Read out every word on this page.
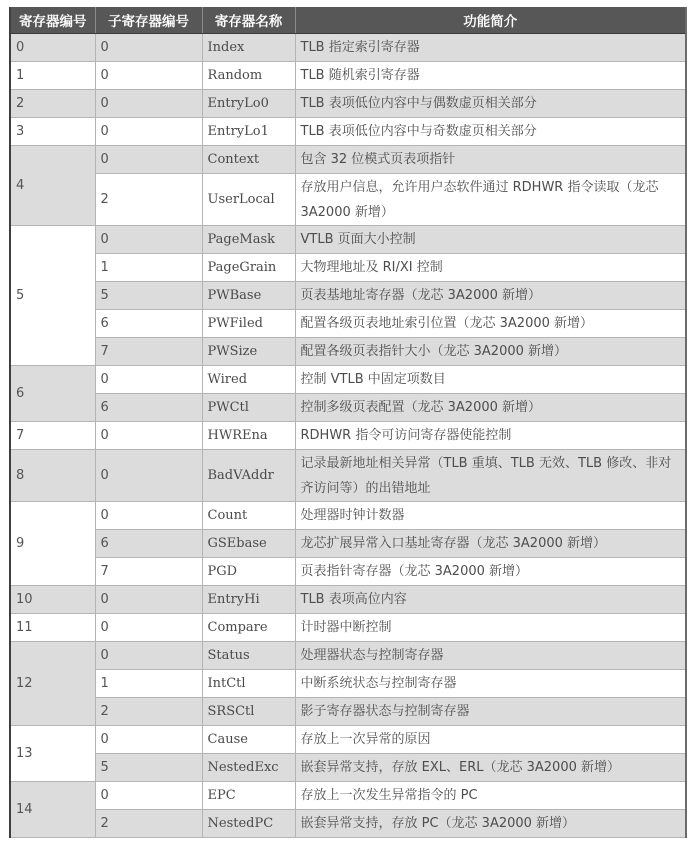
寄存器编号	子寄存器编号	寄存器名称	功能简介
0	0	Index	TLB 指定索引寄存器
1	0	Random	TLB 随机索引寄存器
2	0	EntryLo0	TLB 表项低位内容中与偶数虚页相关部分
3	0	EntryLo1	TLB 表项低位内容中与奇数虚页相关部分
4	0	Context	包含 32 位模式页表项指针
	2	UserLocal	存放用户信息，允许用户态软件通过 RDHWR 指令读取（龙芯 3A2000 新增）
5	0	PageMask	VTLB 页面大小控制
	1	PageGrain	大物理地址及 RI/XI 控制
	5	PWBase	页表基地址寄存器（龙芯 3A2000 新增）
	6	PWFiled	配置各级页表地址索引位置（龙芯 3A2000 新增）
	7	PWSize	配置各级页表指针大小（龙芯 3A2000 新增）
6	0	Wired	控制 VTLB 中固定项数目
	6	PWCtl	控制多级页表配置（龙芯 3A2000 新增）
7	0	HWREna	RDHWR 指令可访问寄存器使能控制
8	0	BadVAddr	记录最新地址相关异常（TLB 重填、TLB 无效、TLB 修改、非对齐访问等）的出错地址
9	0	Count	处理器时钟计数器
	6	GSEbase	龙芯扩展异常入口基址寄存器（龙芯 3A2000 新增）
	7	PGD	页表指针寄存器（龙芯 3A2000 新增）
10	0	EntryHi	TLB 表项高位内容
11	0	Compare	计时器中断控制
12	0	Status	处理器状态与控制寄存器
	1	IntCtl	中断系统状态与控制寄存器
	2	SRSCtl	影子寄存器状态与控制寄存器
13	0	Cause	存放上一次异常的原因
	5	NestedExc	嵌套异常支持，存放 EXL、ERL（龙芯 3A2000 新增）
14	0	EPC	存放上一次发生异常指令的 PC
	2	NestedPC	嵌套异常支持，存放 PC（龙芯 3A2000 新增）
